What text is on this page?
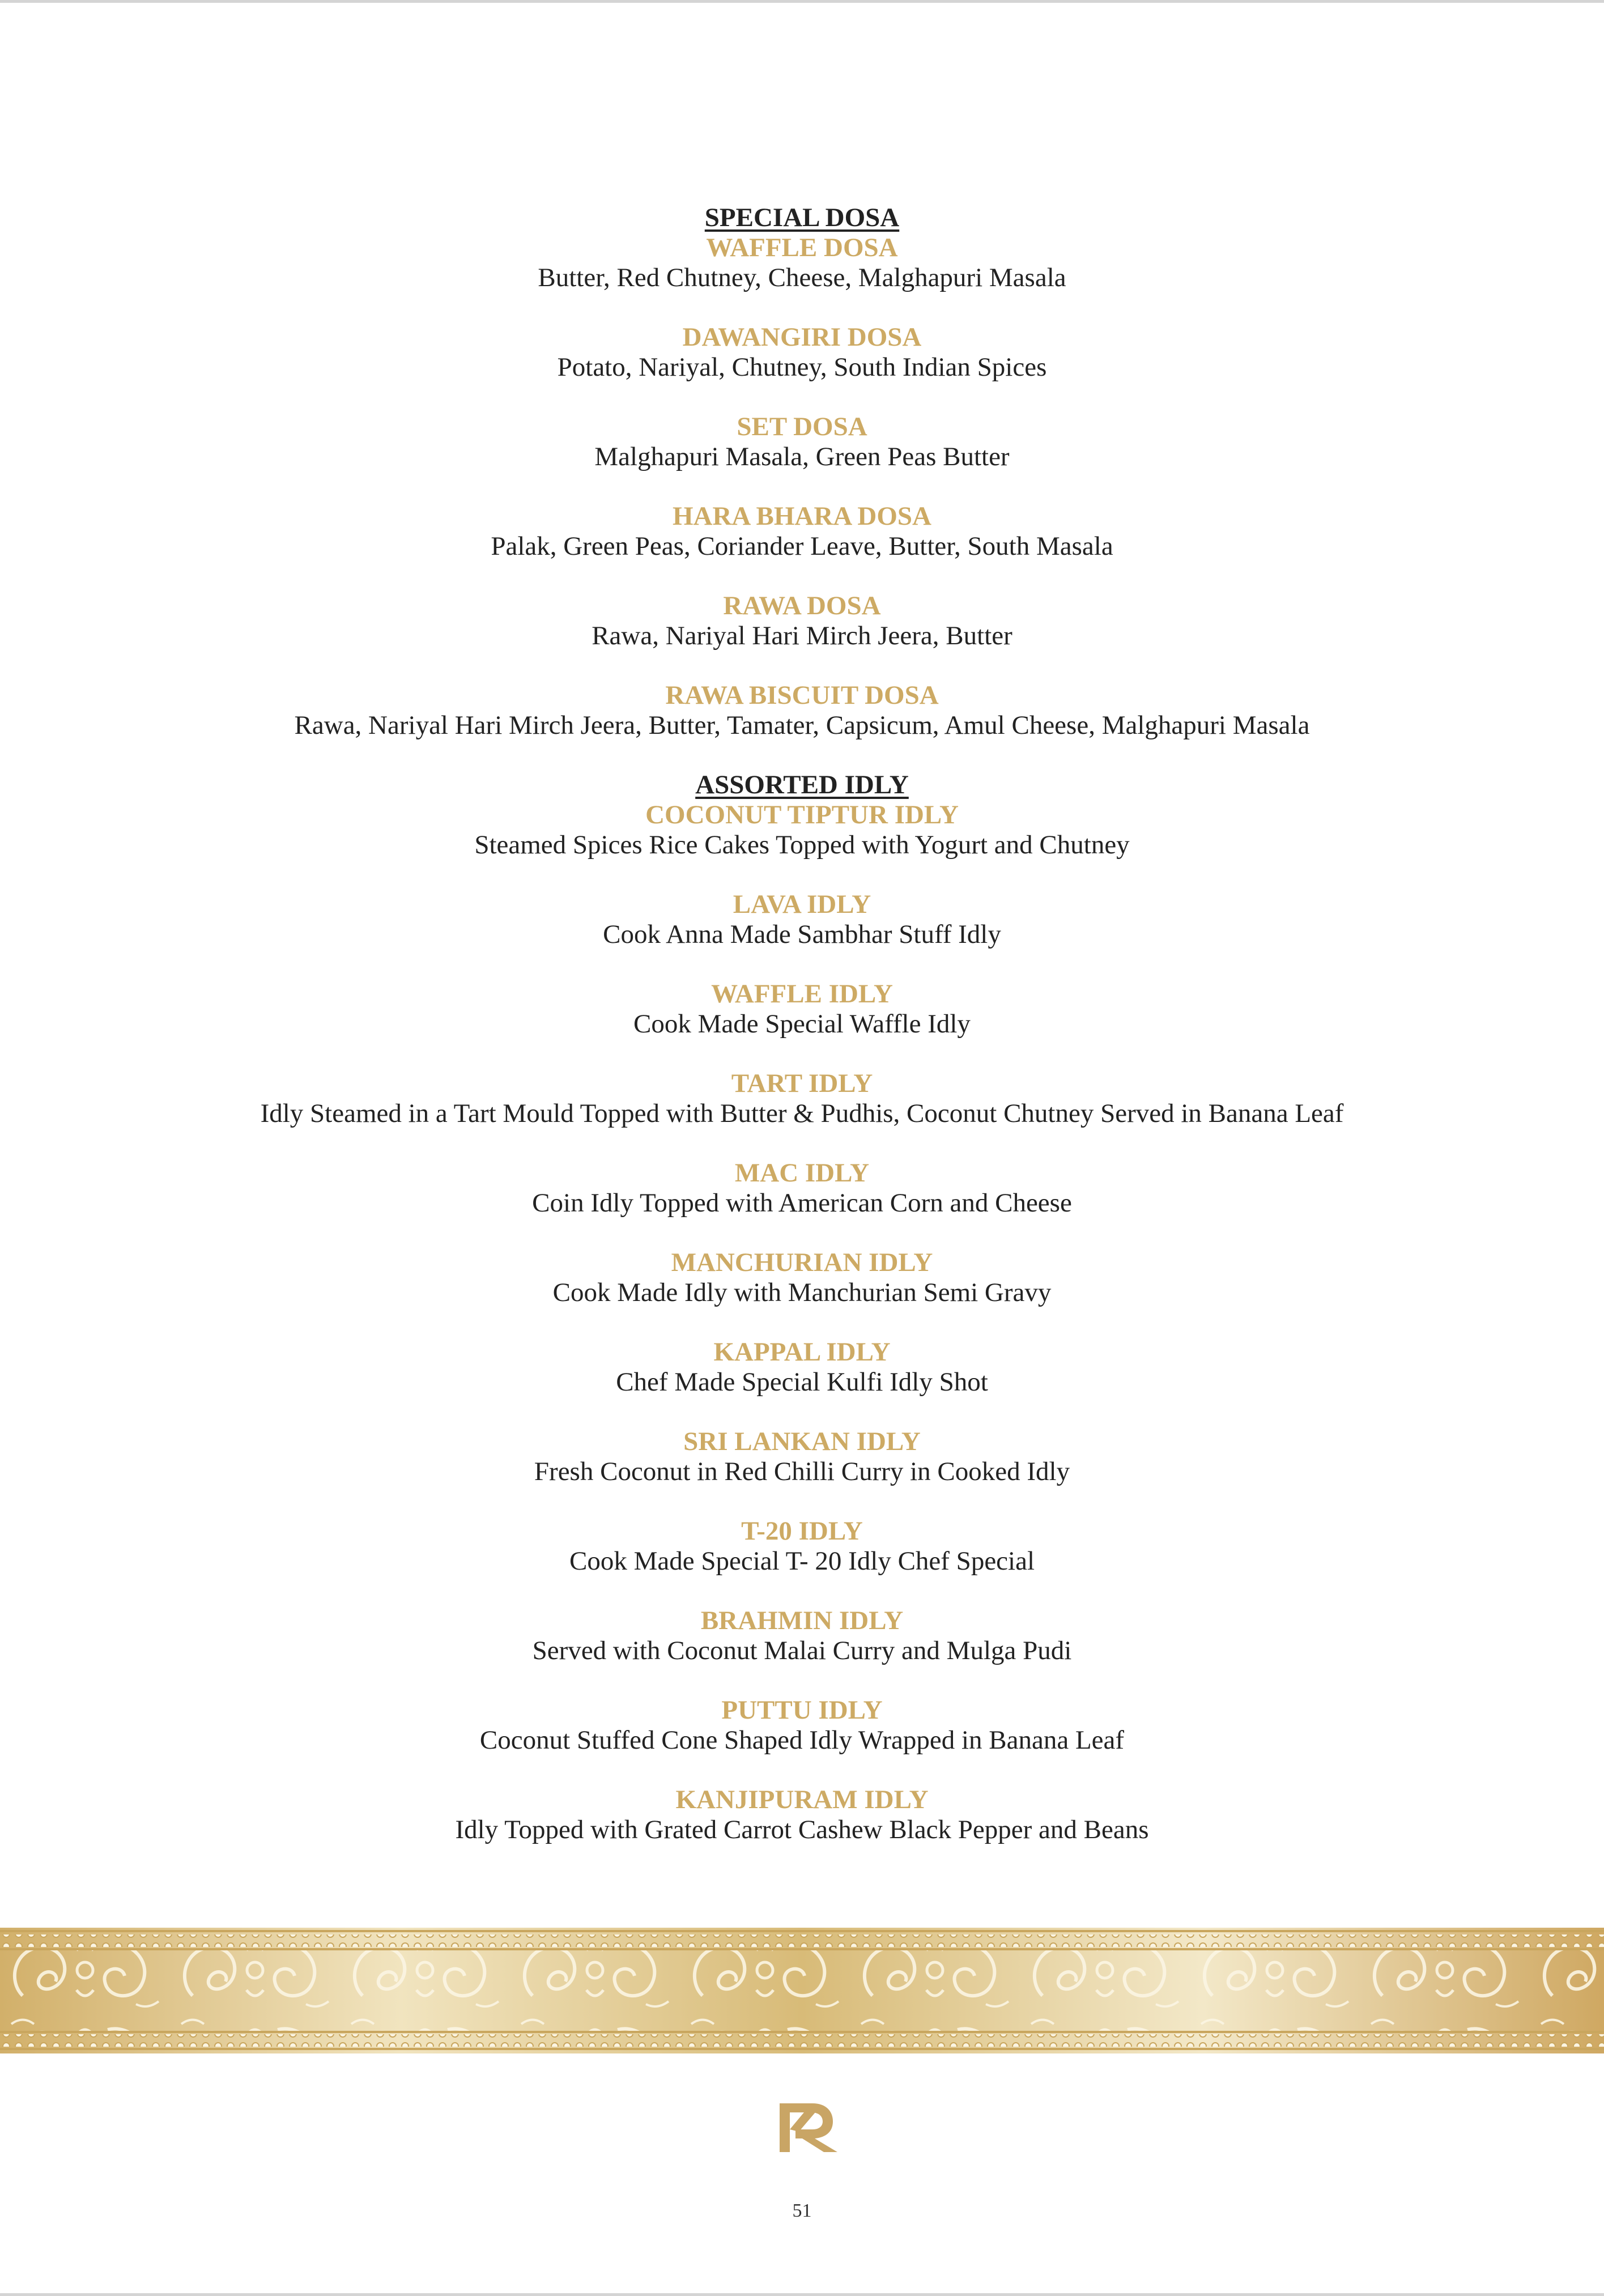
SPECIAL DOSA
WAFFLE DOSA
Butter, Red Chutney, Cheese, Malghapuri Masala
DAWANGIRI DOSA
Potato, Nariyal, Chutney, South Indian Spices
SET DOSA
Malghapuri Masala, Green Peas Butter
HARA BHARA DOSA
Palak, Green Peas, Coriander Leave, Butter, South Masala
RAWA DOSA
Rawa, Nariyal Hari Mirch Jeera, Butter
RAWA BISCUIT DOSA
Rawa, Nariyal Hari Mirch Jeera, Butter, Tamater, Capsicum, Amul Cheese, Malghapuri Masala
ASSORTED IDLY
COCONUT TIPTUR IDLY
Steamed Spices Rice Cakes Topped with Yogurt and Chutney
LAVA IDLY
Cook Anna Made Sambhar Stuff Idly
WAFFLE IDLY
Cook Made Special Waffle Idly
TART IDLY
Idly Steamed in a Tart Mould Topped with Butter & Pudhis, Coconut Chutney Served in Banana Leaf
MAC IDLY
Coin Idly Topped with American Corn and Cheese
MANCHURIAN IDLY
Cook Made Idly with Manchurian Semi Gravy
KAPPAL IDLY
Chef Made Special Kulfi Idly Shot
SRI LANKAN IDLY
Fresh Coconut in Red Chilli Curry in Cooked Idly
T-20 IDLY
Cook Made Special T- 20 Idly Chef Special
BRAHMIN IDLY
Served with Coconut Malai Curry and Mulga Pudi
PUTTU IDLY
Coconut Stuffed Cone Shaped Idly Wrapped in Banana Leaf
KANJIPURAM IDLY
Idly Topped with Grated Carrot Cashew Black Pepper and Beans
51
